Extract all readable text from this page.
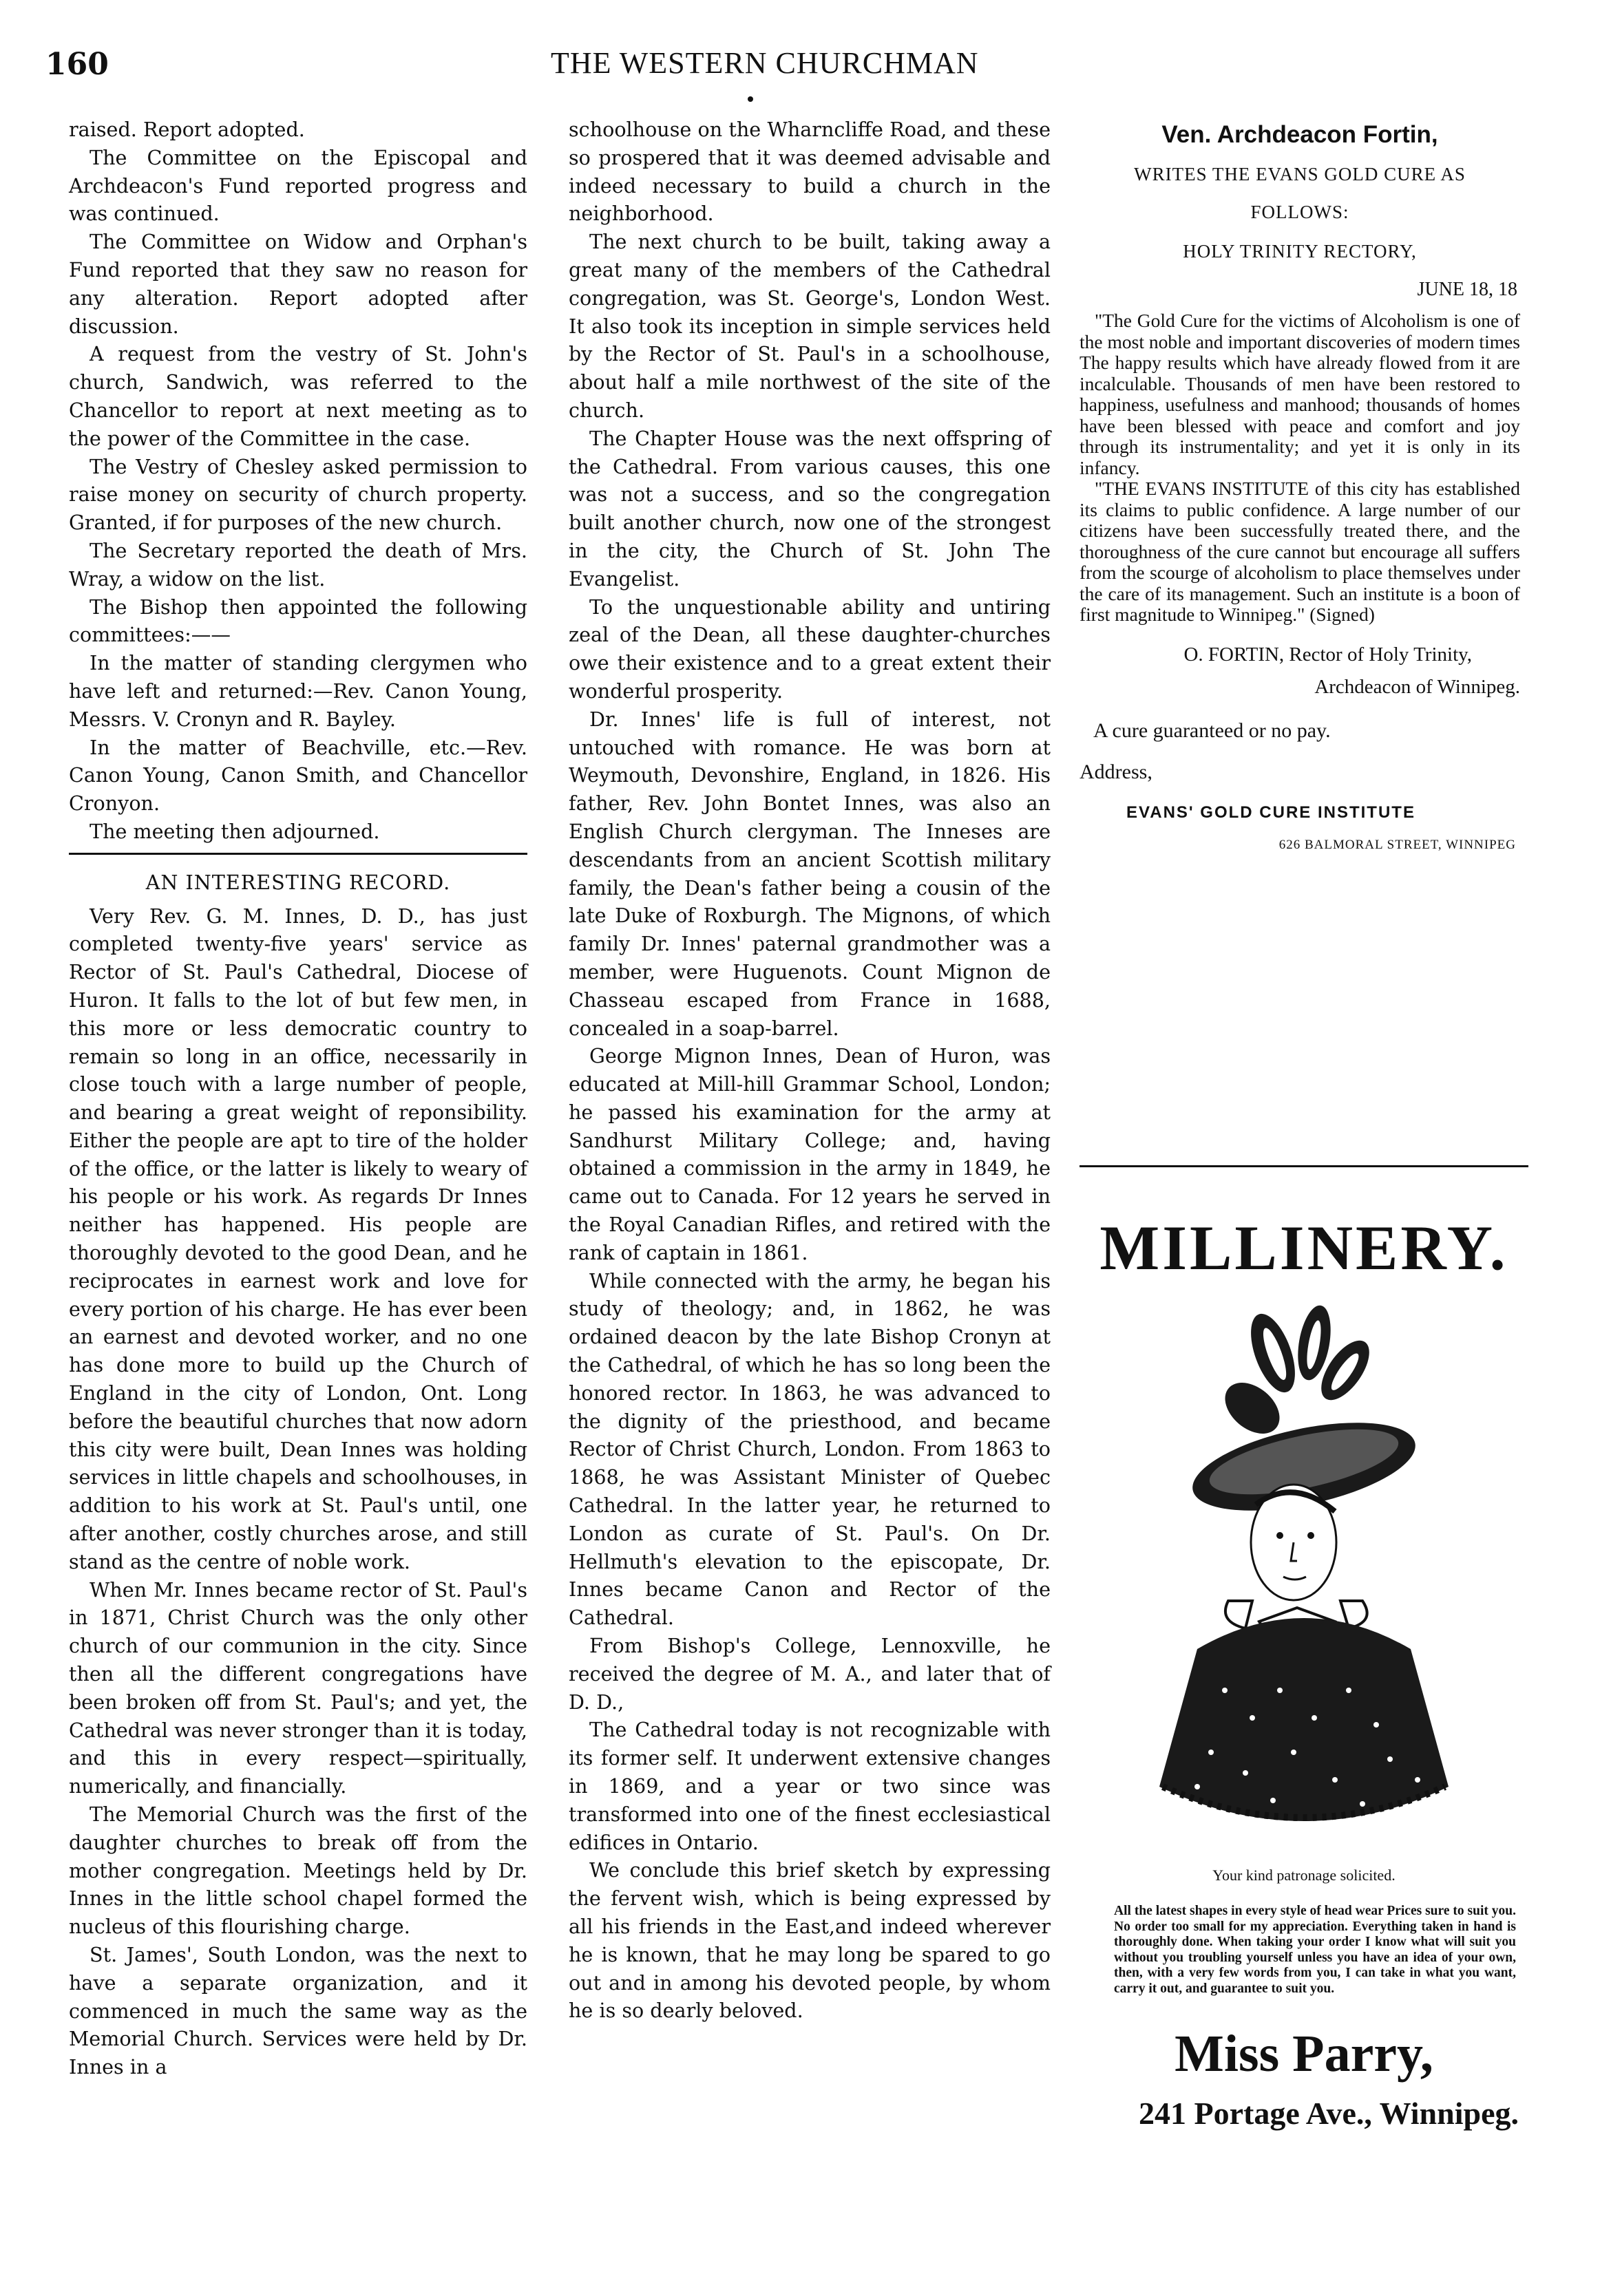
160	THE WESTERN CHURCHMAN

raised. Report adopted.

The Committee on the Episcopal and Archdeacon's Fund reported progress and was continued.

The Committee on Widow and Orphan's Fund reported that they saw no reason for any alteration. Report adopted after discussion.

A request from the vestry of St. John's church, Sandwich, was referred to the Chancellor to report at next meeting as to the power of the Committee in the case.

The Vestry of Chesley asked permission to raise money on security of church property. Granted, if for purposes of the new church.

The Secretary reported the death of Mrs. Wray, a widow on the list.

The Bishop then appointed the following committees:——

In the matter of standing clergymen who have left and returned:—Rev. Canon Young, Messrs. V. Cronyn and R. Bayley.

In the matter of Beachville, etc.—Rev. Canon Young, Canon Smith, and Chancellor Cronyon.

The meeting then adjourned.

AN INTERESTING RECORD.

Very Rev. G. M. Innes, D. D., has just completed twenty-five years' service as Rector of St. Paul's Cathedral, Diocese of Huron. It falls to the lot of but few men, in this more or less democratic country to remain so long in an office, necessarily in close touch with a large number of people, and bearing a great weight of reponsibility. Either the people are apt to tire of the holder of the office, or the latter is likely to weary of his people or his work. As regards Dr Innes neither has happened. His people are thoroughly devoted to the good Dean, and he reciprocates in earnest work and love for every portion of his charge. He has ever been an earnest and devoted worker, and no one has done more to build up the Church of England in the city of London, Ont. Long before the beautiful churches that now adorn this city were built, Dean Innes was holding services in little chapels and schoolhouses, in addition to his work at St. Paul's until, one after another, costly churches arose, and still stand as the centre of noble work.

When Mr. Innes became rector of St. Paul's in 1871, Christ Church was the only other church of our communion in the city. Since then all the different congregations have been broken off from St. Paul's; and yet, the Cathedral was never stronger than it is today, and this in every respect—spiritually, numerically, and financially.

The Memorial Church was the first of the daughter churches to break off from the mother congregation. Meetings held by Dr. Innes in the little school chapel formed the nucleus of this flourishing charge.

St. James', South London, was the next to have a separate organization, and it commenced in much the same way as the Memorial Church. Services were held by Dr. Innes in a

schoolhouse on the Wharncliffe Road, and these so prospered that it was deemed advisable and indeed necessary to build a church in the neighborhood.

The next church to be built, taking away a great many of the members of the Cathedral congregation, was St. George's, London West. It also took its inception in simple services held by the Rector of St. Paul's in a schoolhouse, about half a mile northwest of the site of the church.

The Chapter House was the next offspring of the Cathedral. From various causes, this one was not a success, and so the congregation built another church, now one of the strongest in the city, the Church of St. John The Evangelist.

To the unquestionable ability and untiring zeal of the Dean, all these daughter-churches owe their existence and to a great extent their wonderful prosperity.

Dr. Innes' life is full of interest, not untouched with romance. He was born at Weymouth, Devonshire, England, in 1826. His father, Rev. John Bontet Innes, was also an English Church clergyman. The Inneses are descendants from an ancient Scottish military family, the Dean's father being a cousin of the late Duke of Roxburgh. The Mignons, of which family Dr. Innes' paternal grandmother was a member, were Huguenots. Count Mignon de Chasseau escaped from France in 1688, concealed in a soap-barrel.

George Mignon Innes, Dean of Huron, was educated at Mill-hill Grammar School, London; he passed his examination for the army at Sandhurst Military College; and, having obtained a commission in the army in 1849, he came out to Canada. For 12 years he served in the Royal Canadian Rifles, and retired with the rank of captain in 1861.

While connected with the army, he began his study of theology; and, in 1862, he was ordained deacon by the late Bishop Cronyn at the Cathedral, of which he has so long been the honored rector. In 1863, he was advanced to the dignity of the priesthood, and became Rector of Christ Church, London. From 1863 to 1868, he was Assistant Minister of Quebec Cathedral. In the latter year, he returned to London as curate of St. Paul's. On Dr. Hellmuth's elevation to the episcopate, Dr. Innes became Canon and Rector of the Cathedral.

From Bishop's College, Lennoxville, he received the degree of M. A., and later that of D. D.,

The Cathedral today is not recognizable with its former self. It underwent extensive changes in 1869, and a year or two since was transformed into one of the finest ecclesiastical edifices in Ontario.

We conclude this brief sketch by expressing the fervent wish, which is being expressed by all his friends in the East,and indeed wherever he is known, that he may long be spared to go out and in among his devoted people, by whom he is so dearly beloved.

Ven. Archdeacon Fortin,
WRITES THE EVANS GOLD CURE AS
FOLLOWS:
HOLY TRINITY RECTORY,
JUNE 18, 18

"The Gold Cure for the victims of Alcoholism is one of the most noble and important discoveries of modern times The happy results which have already flowed from it are incalculable. Thousands of men have been restored to happiness, usefulness and manhood; thousands of homes have been blessed with peace and comfort and joy through its instrumentality; and yet it is only in its infancy.

"THE EVANS INSTITUTE of this city has established its claims to public confidence. A large number of our citizens have been successfully treated there, and the thoroughness of the cure cannot but encourage all suffers from the scourge of alcoholism to place themselves under the care of its management. Such an institute is a boon of first magnitude to Winnipeg." (Signed)

O. FORTIN, Rector of Holy Trinity,
Archdeacon of Winnipeg.
A cure guaranteed or no pay.
Address,
EVANS' GOLD CURE INSTITUTE
626 BALMORAL STREET, WINNIPEG
MILLINERY.
Your kind patronage solicited.
All the latest shapes in every style of head wear Prices sure to suit you. No order too small for my appreciation. Everything taken in hand is thoroughly done. When taking your order I know what will suit you without you troubling yourself unless you have an idea of your own, then, with a very few words from you, I can take in what you want, carry it out, and guarantee to suit you.
Miss Parry,
241 Portage Ave., Winnipeg.
